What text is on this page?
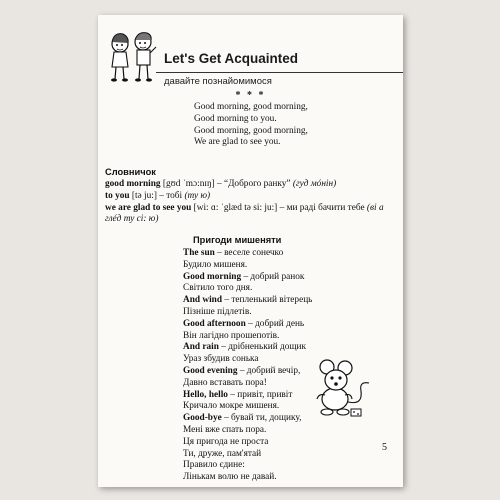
Let's Get Acquainted
давайте познайомимося
* * *
Good morning, good morning,
Good morning to you.
Good morning, good morning,
We are glad to see you.
Словничок
good morning [gʊd ˈmɔ:nɪŋ] – “Доброго ранку” (гуд мóнін)
to you [tə ju:] – тобі (ту ю)
we are glad to see you [wi: ɑ: ˈglæd tə si: ju:] – ми раді бачити тебе (ві а глéд ту сі: ю)
Пригоди мишеняти
The sun – веселе сонечко
Будило мишеня.
Good morning – добрий ранок
Світило того дня.
And wind – тепленький вітерець
Пізніше підлетів.
Good afternoon – добрий день
Він лагідно прошепотів.
And rain – дрібненький дощик
Ураз збудив сонька
Good evening – добрий вечір,
Давно вставать пора!
Hello, hello – привіт, привіт
Кричало мокре мишеня.
Good-bye – бувай ти, дощику,
Мені вже спать пора.
Ця пригода не проста
Ти, друже, пам'ятай
Правило єдине:
Лінькам волю не давай.
5
